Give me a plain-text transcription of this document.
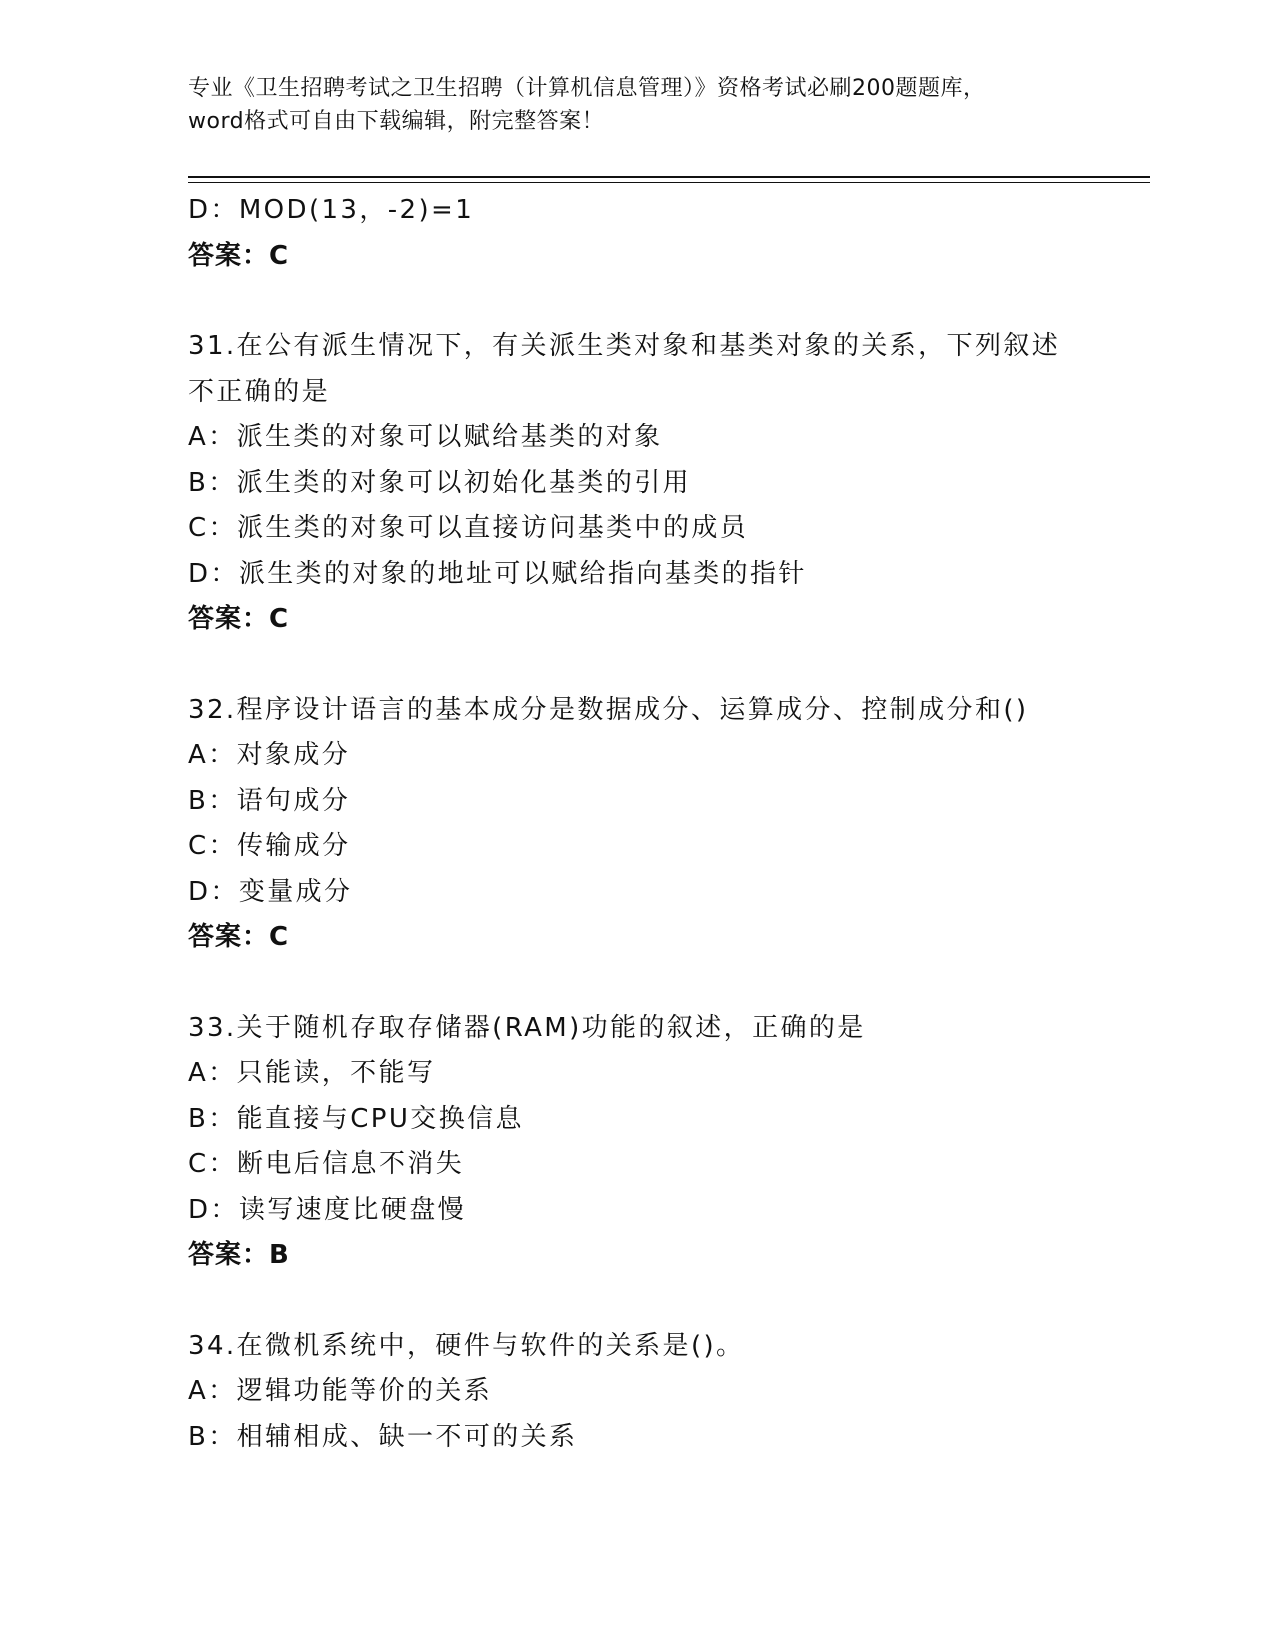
专业《卫生招聘考试之卫生招聘（计算机信息管理）》资格考试必刷200题题库，
word格式可自由下载编辑，附完整答案！
D：MOD(13，-2)=1
答案：C
31.在公有派生情况下，有关派生类对象和基类对象的关系，下列叙述
不正确的是
A：派生类的对象可以赋给基类的对象
B：派生类的对象可以初始化基类的引用
C：派生类的对象可以直接访问基类中的成员
D：派生类的对象的地址可以赋给指向基类的指针
答案：C
32.程序设计语言的基本成分是数据成分、运算成分、控制成分和()
A：对象成分
B：语句成分
C：传输成分
D：变量成分
答案：C
33.关于随机存取存储器(RAM)功能的叙述，正确的是
A：只能读，不能写
B：能直接与CPU交换信息
C：断电后信息不消失
D：读写速度比硬盘慢
答案：B
34.在微机系统中，硬件与软件的关系是()。
A：逻辑功能等价的关系
B：相辅相成、缺一不可的关系
